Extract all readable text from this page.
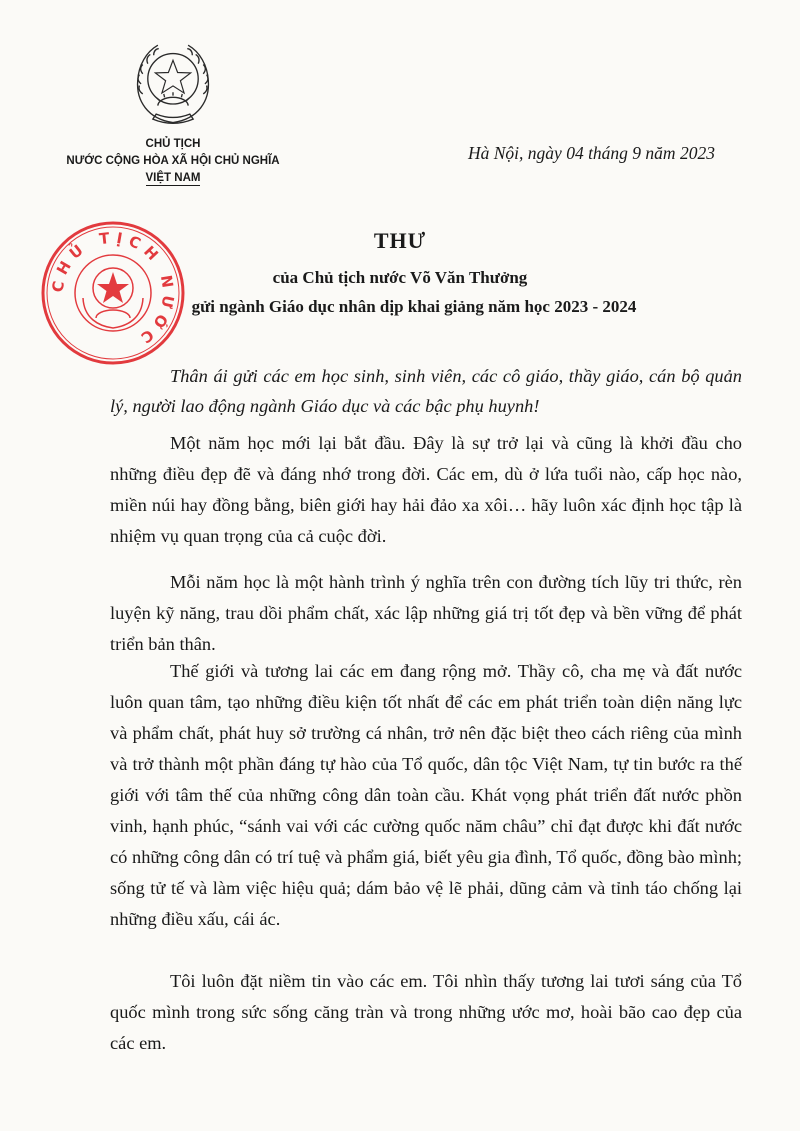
CHỦ TỊCH
NƯỚC CỘNG HÒA XÃ HỘI CHỦ NGHĨA
VIỆT NAM
Hà Nội, ngày 04 tháng 9 năm 2023
CHỦ TỊCH NƯỚC
THƯ
của Chủ tịch nước Võ Văn Thưởng
gửi ngành Giáo dục nhân dịp khai giảng năm học 2023 - 2024
Thân ái gửi các em học sinh, sinh viên, các cô giáo, thầy giáo, cán bộ quản lý, người lao động ngành Giáo dục và các bậc phụ huynh!
Một năm học mới lại bắt đầu. Đây là sự trở lại và cũng là khởi đầu cho những điều đẹp đẽ và đáng nhớ trong đời. Các em, dù ở lứa tuổi nào, cấp học nào, miền núi hay đồng bằng, biên giới hay hải đảo xa xôi… hãy luôn xác định học tập là nhiệm vụ quan trọng của cả cuộc đời.
Mỗi năm học là một hành trình ý nghĩa trên con đường tích lũy tri thức, rèn luyện kỹ năng, trau dồi phẩm chất, xác lập những giá trị tốt đẹp và bền vững để phát triển bản thân.
Thế giới và tương lai các em đang rộng mở. Thầy cô, cha mẹ và đất nước luôn quan tâm, tạo những điều kiện tốt nhất để các em phát triển toàn diện năng lực và phẩm chất, phát huy sở trường cá nhân, trở nên đặc biệt theo cách riêng của mình và trở thành một phần đáng tự hào của Tổ quốc, dân tộc Việt Nam, tự tin bước ra thế giới với tâm thế của những công dân toàn cầu. Khát vọng phát triển đất nước phồn vinh, hạnh phúc, “sánh vai với các cường quốc năm châu” chỉ đạt được khi đất nước có những công dân có trí tuệ và phẩm giá, biết yêu gia đình, Tổ quốc, đồng bào mình; sống tử tế và làm việc hiệu quả; dám bảo vệ lẽ phải, dũng cảm và tỉnh táo chống lại những điều xấu, cái ác.
Tôi luôn đặt niềm tin vào các em. Tôi nhìn thấy tương lai tươi sáng của Tổ quốc mình trong sức sống căng tràn và trong những ước mơ, hoài bão cao đẹp của các em.
